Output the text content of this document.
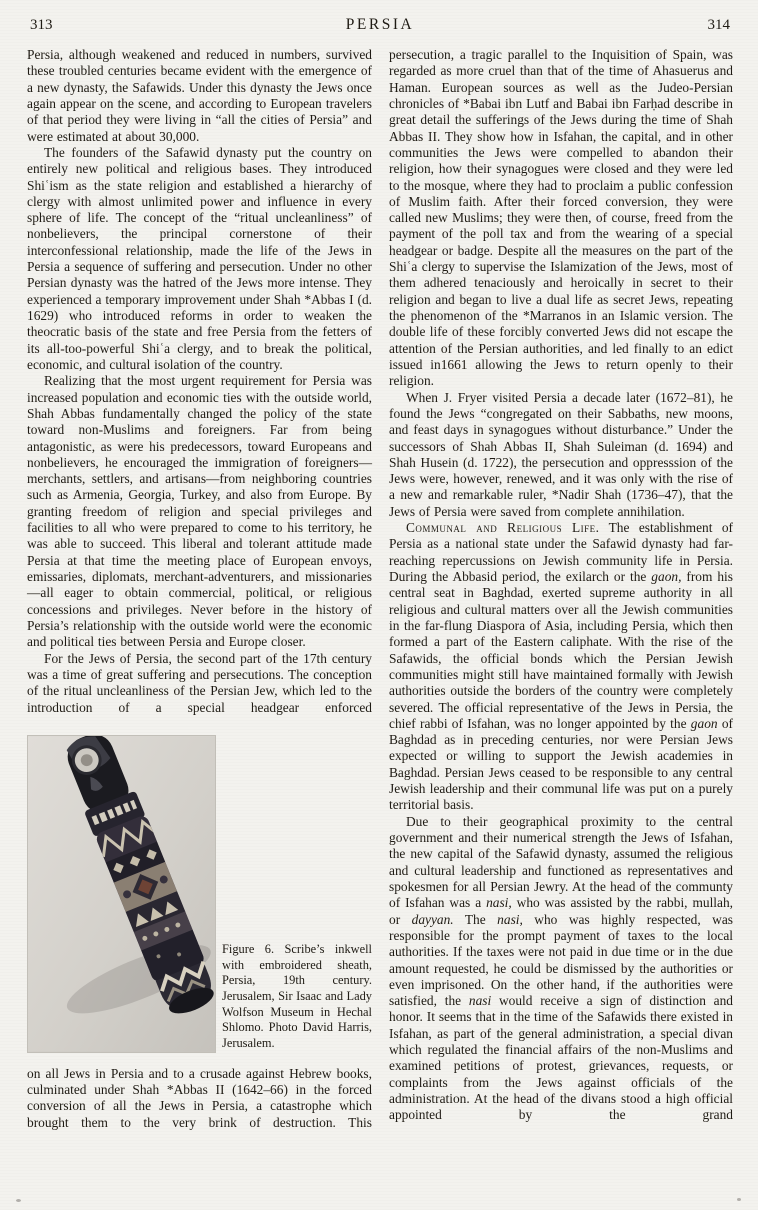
313	PERSIA	314

Persia, although weakened and reduced in numbers, survived these troubled centuries became evident with the emergence of a new dynasty, the Safawids. Under this dynasty the Jews once again appear on the scene, and according to European travelers of that period they were living in “all the cities of Persia” and were estimated at about 30,000.

The founders of the Safawid dynasty put the country on entirely new political and religious bases. They introduced Shiʿism as the state religion and established a hierarchy of clergy with almost unlimited power and influence in every sphere of life. The concept of the “ritual uncleanliness” of nonbelievers, the principal cornerstone of their interconfessional relationship, made the life of the Jews in Persia a sequence of suffering and persecution. Under no other Persian dynasty was the hatred of the Jews more intense. They experienced a temporary improvement under Shah *Abbas I (d. 1629) who introduced reforms in order to weaken the theocratic basis of the state and free Persia from the fetters of its all-too-powerful Shiʿa clergy, and to break the political, economic, and cultural isolation of the country.

Realizing that the most urgent requirement for Persia was increased population and economic ties with the outside world, Shah Abbas fundamentally changed the policy of the state toward non-Muslims and foreigners. Far from being antagonistic, as were his predecessors, toward Europeans and nonbelievers, he encouraged the immigration of foreigners—merchants, settlers, and artisans—from neighboring countries such as Armenia, Georgia, Turkey, and also from Europe. By granting freedom of religion and special privileges and facilities to all who were prepared to come to his territory, he was able to succeed. This liberal and tolerant attitude made Persia at that time the meeting place of European envoys, emissaries, diplomats, merchant-adventurers, and missionaries—all eager to obtain commercial, political, or religious concessions and privileges. Never before in the history of Persia’s relationship with the outside world were the economic and political ties between Persia and Europe closer.

For the Jews of Persia, the second part of the 17th century was a time of great suffering and persecutions. The conception of the ritual uncleanliness of the Persian Jew, which led to the introduction of a special headgear enforced

Figure 6. Scribe’s inkwell with embroidered sheath, Persia, 19th century. Jerusalem, Sir Isaac and Lady Wolfson Museum in Hechal Shlomo. Photo David Harris, Jerusalem.

on all Jews in Persia and to a crusade against Hebrew books, culminated under Shah *Abbas II (1642–66) in the forced conversion of all the Jews in Persia, a catastrophe which brought them to the very brink of destruction. This

persecution, a tragic parallel to the Inquisition of Spain, was regarded as more cruel than that of the time of Ahasuerus and Haman. European sources as well as the Judeo-Persian chronicles of *Babai ibn Lutf and Babai ibn Farḥad describe in great detail the sufferings of the Jews during the time of Shah Abbas II. They show how in Isfahan, the capital, and in other communities the Jews were compelled to abandon their religion, how their synagogues were closed and they were led to the mosque, where they had to proclaim a public confession of Muslim faith. After their forced conversion, they were called new Muslims; they were then, of course, freed from the payment of the poll tax and from the wearing of a special headgear or badge. Despite all the measures on the part of the Shiʿa clergy to supervise the Islamization of the Jews, most of them adhered tenaciously and heroically in secret to their religion and began to live a dual life as secret Jews, repeating the phenomenon of the *Marranos in an Islamic version. The double life of these forcibly converted Jews did not escape the attention of the Persian authorities, and led finally to an edict issued in1661 allowing the Jews to return openly to their religion.

When J. Fryer visited Persia a decade later (1672–81), he found the Jews “congregated on their Sabbaths, new moons, and feast days in synagogues without disturbance.” Under the successors of Shah Abbas II, Shah Suleiman (d. 1694) and Shah Husein (d. 1722), the persecution and oppresssion of the Jews were, however, renewed, and it was only with the rise of a new and remarkable ruler, *Nadir Shah (1736–47), that the Jews of Persia were saved from complete annihilation.

Communal and Religious Life. The establishment of Persia as a national state under the Safawid dynasty had far-reaching repercussions on Jewish community life in Persia. During the Abbasid period, the exilarch or the gaon, from his central seat in Baghdad, exerted supreme authority in all religious and cultural matters over all the Jewish communities in the far-flung Diaspora of Asia, including Persia, which then formed a part of the Eastern caliphate. With the rise of the Safawids, the official bonds which the Persian Jewish communities might still have maintained formally with Jewish authorities outside the borders of the country were completely severed. The official representative of the Jews in Persia, the chief rabbi of Isfahan, was no longer appointed by the gaon of Baghdad as in preceding centuries, nor were Persian Jews expected or willing to support the Jewish academies in Baghdad. Persian Jews ceased to be responsible to any central Jewish leadership and their communal life was put on a purely territorial basis.

Due to their geographical proximity to the central government and their numerical strength the Jews of Isfahan, the new capital of the Safawid dynasty, assumed the religious and cultural leadership and functioned as representatives and spokesmen for all Persian Jewry. At the head of the communty of Isfahan was a nasi, who was assisted by the rabbi, mullah, or dayyan. The nasi, who was highly respected, was responsible for the prompt payment of taxes to the local authorities. If the taxes were not paid in due time or in the due amount requested, he could be dismissed by the authorities or even imprisoned. On the other hand, if the authorities were satisfied, the nasi would receive a sign of distinction and honor. It seems that in the time of the Safawids there existed in Isfahan, as part of the general administration, a special divan which regulated the financial affairs of the non-Muslims and examined petitions of protest, grievances, requests, or complaints from the Jews against officials of the administration. At the head of the divans stood a high official appointed by the grand
